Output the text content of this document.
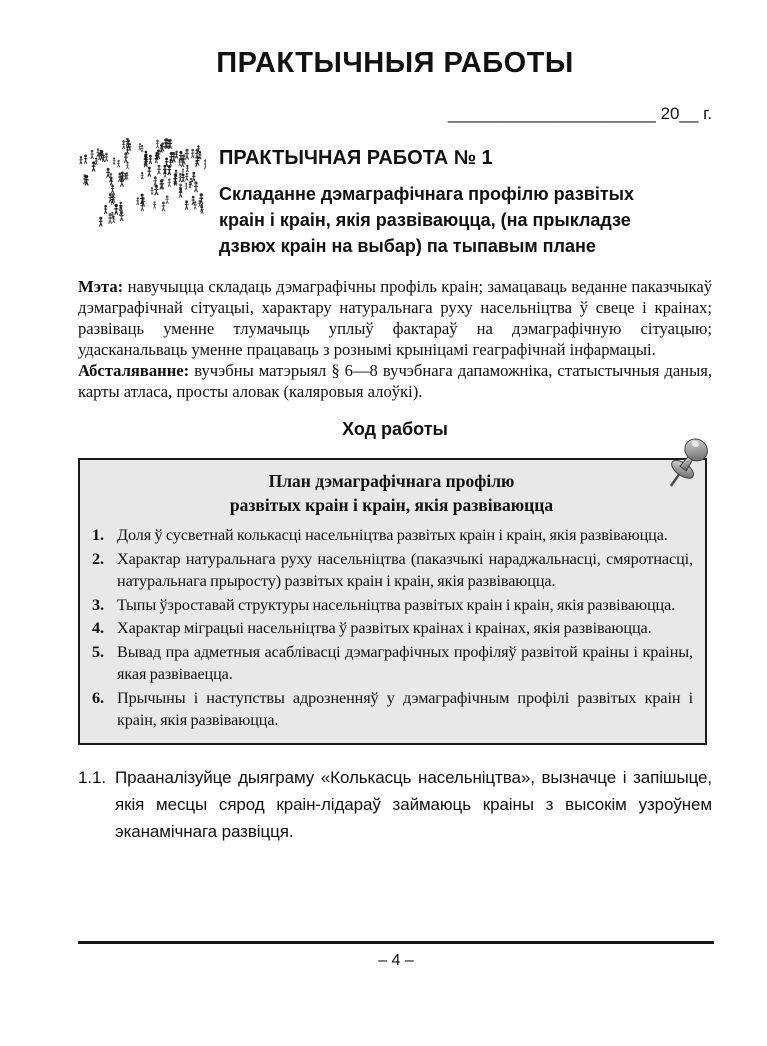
ПРАКТЫЧНЫЯ РАБОТЫ
______________________ 20__ г.
ПРАКТЫЧНАЯ РАБОТА № 1
Складанне дэмаграфічнага профілю развітых
краін і краін, якія развіваюцца, (на прыкладзе
дзвюх краін на выбар) па тыпавым плане

Мэта: навучыцца складаць дэмаграфічны профіль краін; замацаваць веданне паказчыкаў дэмаграфічнай сітуацыі, характару натуральнага руху насельніцтва ў свеце і краінах; развіваць уменне тлумачыць уплыў фактараў на дэмаграфічную сітуацыю; удасканальваць уменне працаваць з рознымі крыніцамі геаграфічнай інфармацыі.

Абсталяванне: вучэбны матэрыял § 6—8 вучэбнага дапаможніка, статыстычныя даныя, карты атласа, просты аловак (каляровыя алоўкі).

Ход работы
План дэмаграфічнага профілю
развітых краін і краін, якія развіваюцца
1. Доля ў сусветнай колькасці насельніцтва развітых краін і краін, якія развіваюцца.
2. Характар натуральнага руху насельніцтва (паказчыкі нараджальнасці, смяротнасці, натуральнага прыросту) развітых краін і краін, якія развіваюцца.
3. Тыпы ўзроставай структуры насельніцтва развітых краін і краін, якія развіваюцца.
4. Характар міграцыі насельніцтва ў развітых краінах і краінах, якія развіваюцца.
5. Вывад пра адметныя асаблівасці дэмаграфічных профіляў развітой краіны і краіны, якая развіваецца.
6. Прычыны і наступствы адрозненняў у дэмаграфічным профілі развітых краін і краін, якія развіваюцца.
1.1. Прааналізуйце дыяграму «Колькасць насельніцтва», вызначце і запішыце, якія месцы сярод краін-лідараў займаюць краіны з высокім узроўнем эканамічнага развіцця.
– 4 –
